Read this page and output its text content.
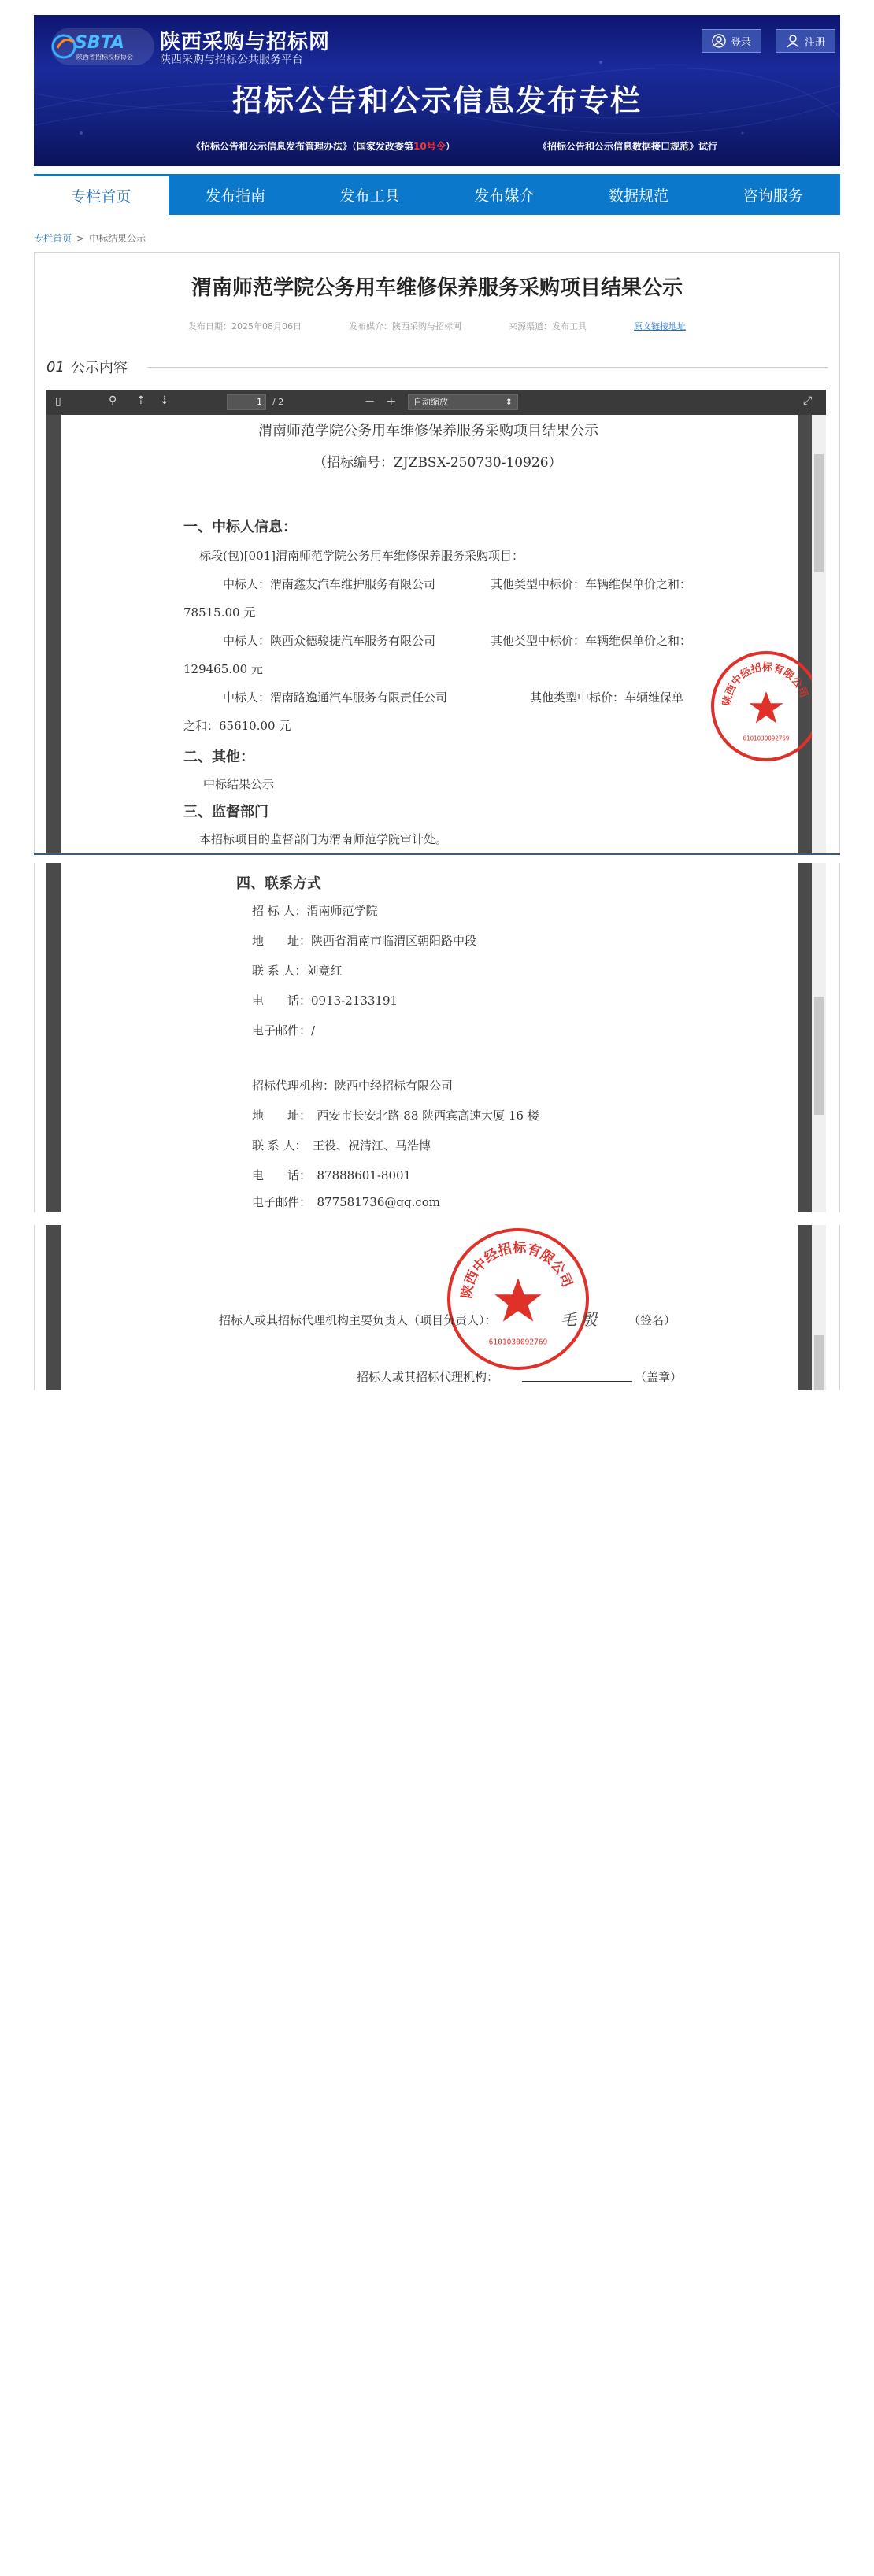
SBTA
陕西省招标投标协会
陕西采购与招标网
陕西采购与招标公共服务平台
登录	注册
招标公告和公示信息发布专栏
《招标公告和公示信息发布管理办法》（国家发改委第10号令）	《招标公告和公示信息数据接口规范》试行
专栏首页	发布指南	发布工具	发布媒介	数据规范	咨询服务
专栏首页 > 中标结果公示
渭南师范学院公务用车维修保养服务采购项目结果公示
发布日期：2025年08月06日	发布媒介：陕西采购与招标网	来源渠道：发布工具	原文链接地址
01 公示内容
▯	⚲ ⇡ ⇣	1	/ 2	− +	自动缩放	⇕	⤢
渭南师范学院公务用车维修保养服务采购项目结果公示
（招标编号：ZJZBSX-250730-10926）
一、中标人信息：
标段(包)[001]渭南师范学院公务用车维修保养服务采购项目：
中标人：渭南鑫友汽车维护服务有限公司	其他类型中标价：车辆维保单价之和：
78515.00 元
中标人：陕西众德骏捷汽车服务有限公司	其他类型中标价：车辆维保单价之和：
129465.00 元
中标人：渭南路逸通汽车服务有限责任公司	其他类型中标价：车辆维保单
之和：65610.00 元
二、其他：
中标结果公示
三、监督部门
本招标项目的监督部门为渭南师范学院审计处。
陕西中经招标有限公司
6101030092769
四、联系方式
招 标 人：渭南师范学院
地　　址：陕西省渭南市临渭区朝阳路中段
联 系 人：刘竟红
电　　话：0913-2133191
电子邮件：/
招标代理机构：陕西中经招标有限公司
地　　址：　西安市长安北路 88 陕西宾高速大厦 16 楼
联 系 人：　王役、祝清江、马浩博
电　　话：　87888601-8001
电子邮件：　877581736@qq.com
陕西中经招标有限公司
6101030092769
招标人或其招标代理机构主要负责人（项目负责人）：	毛 殷	（签名）
招标人或其招标代理机构：	（盖章）
